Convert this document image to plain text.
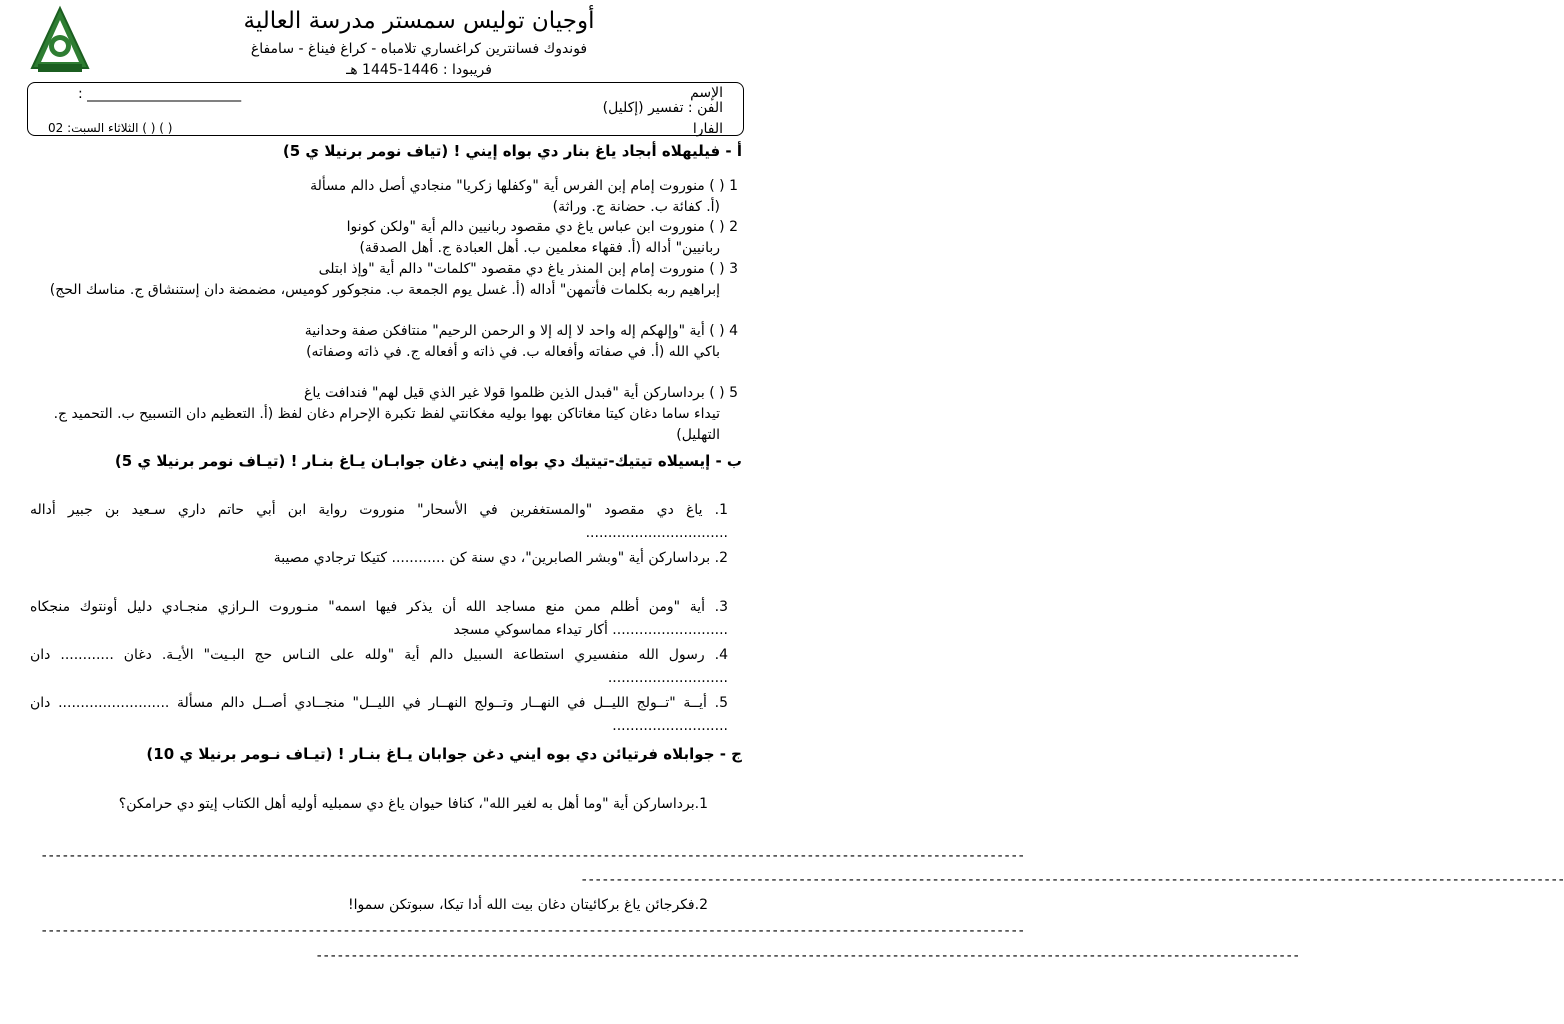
أوجيان توليس سمستر مدرسة العالية
فوندوك فسانترين كراغساري تلامباه - كراغ فيناغ - سامفاغ
فريبودا : 1446-1445 هـ
الإسم
: ______________________
الفن : تفسير (إكليل)
الفارا
( ) ( ) الثلاثاء السبت: 02
أ - فيليهلاه أبجاد ياغ بنار دي بواه إيني ! (تياف نومر برنيلا ي 5)
1 ( ) منوروت إمام إبن الفرس أية "وكفلها زكريا" منجادي أصل دالم مسألة
(أ. كفائة ب. حضانة ج. وراثة)
2 ( ) منوروت ابن عباس ياغ دي مقصود ربانيين دالم أية "ولكن كونوا
ربانيين" أداله (أ. فقهاء معلمين ب. أهل العبادة ج. أهل الصدقة)
3 ( ) منوروت إمام إبن المنذر ياغ دي مقصود "كلمات" دالم أية "وإذ ابتلى
إبراهيم ربه بكلمات فأتمهن" أداله (أ. غسل يوم الجمعة ب. منجوكور كوميس، مضمضة دان إستنشاق ج. مناسك الحج)
4 ( ) أية "وإلهكم إله واحد لا إله إلا و الرحمن الرحيم" منتافكن صفة وحدانية
باكي الله (أ. في صفاته وأفعاله ب. في ذاته و أفعاله ج. في ذاته وصفاته)
5 ( ) برداساركن أية "فبدل الذين ظلموا قولا غير الذي قيل لهم" فندافت ياغ
تيداء ساما دغان كيتا مغاتاكن بهوا بوليه مغكانتي لفظ تكبرة الإحرام دغان لفظ (أ. التعظيم دان التسبيح ب. التحميد ج. التهليل)
ب - إيسيلاه تيتيك-تيتيك دي بواه إيني دغان جوابـان يـاغ بنـار ! (تيـاف نومر برنيلا ي 5)
1. ياغ دي مقصود "والمستغفرين في الأسحار" منوروت رواية ابن أبي حاتم داري سـعيد بن جبير أداله ................................
2. برداساركن أية "وبشر الصابرين"، دي سنة كن ............ كتيكا ترجادي مصيبة
3. أية "ومن أظلم ممن منع مساجد الله أن يذكر فيها اسمه" منـوروت الـرازي منجـادي دليل أونتوك منجكاه .......................... أكار تيداء مماسوكي مسجد
4. رسول الله منفسيري استطاعة السبيل دالم أية "ولله على النـاس حج البـيت" الأيـة. دغان ............ دان ...........................
5. أيــة "تــولج الليــل في النهــار وتــولج النهــار في الليــل" منجــادي أصــل دالم مسألة ......................... دان ..........................
ج - جوابلاه فرتيائن دي بوه ايني دغن جوابان يـاغ بنـار ! (تيـاف نـومر برنيلا ي 10)
1.برداساركن أية "وما أهل به لغير الله"، كنافا حيوان ياغ دي سمبليه أوليه أهل الكتاب إيتو دي حرامكن؟
--------------------------------------------------------------------------------------------------------------------------------------------
--------------------------------------------------------------------------------------------------------------------------------------------
2.فكرجائن ياغ بركائيتان دغان بيت الله أدا تيكا، سبوتكن سموا!
--------------------------------------------------------------------------------------------------------------------------------------------
--------------------------------------------------------------------------------------------------------------------------------------------
